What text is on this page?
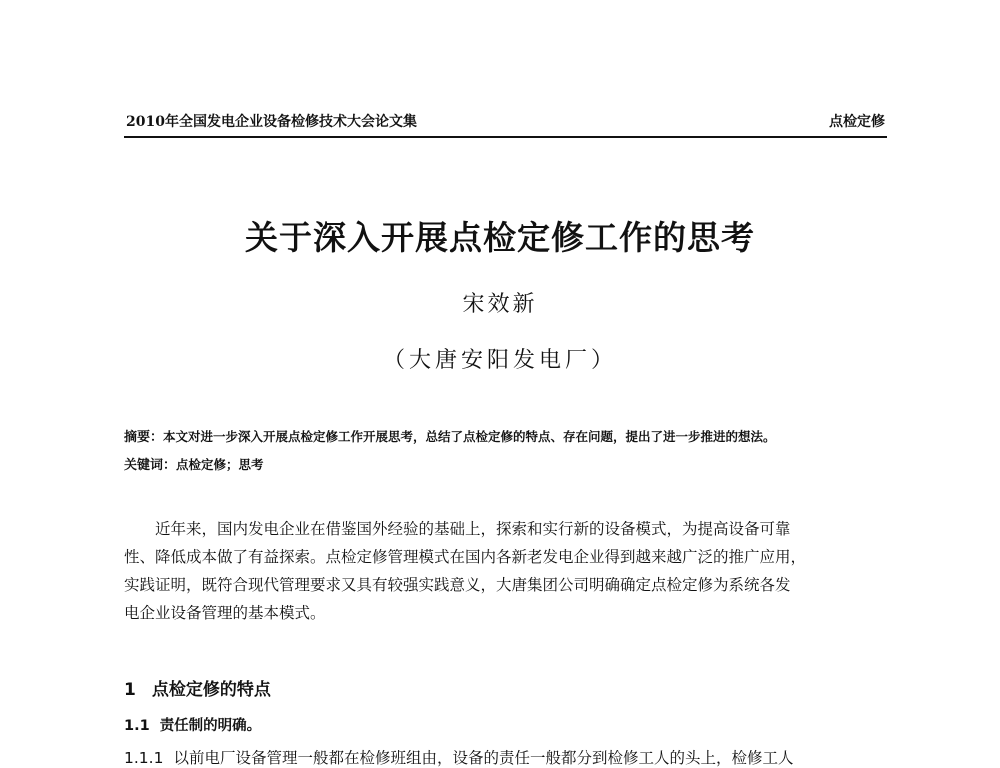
2010年全国发电企业设备检修技术大会论文集	点检定修
关于深入开展点检定修工作的思考
宋效新
（大唐安阳发电厂）
摘要：本文对进一步深入开展点检定修工作开展思考，总结了点检定修的特点、存在问题，提出了进一步推进的想法。
关键词：点检定修；思考
　　近年来，国内发电企业在借鉴国外经验的基础上，探索和实行新的设备模式，为提高设备可靠
性、降低成本做了有益探索。点检定修管理模式在国内各新老发电企业得到越来越广泛的推广应用，
实践证明，既符合现代管理要求又具有较强实践意义，大唐集团公司明确确定点检定修为系统各发
电企业设备管理的基本模式。
1 点检定修的特点
1.1 责任制的明确。
1.1.1 以前电厂设备管理一般都在检修班组由，设备的责任一般都分到检修工人的头上，检修工人
